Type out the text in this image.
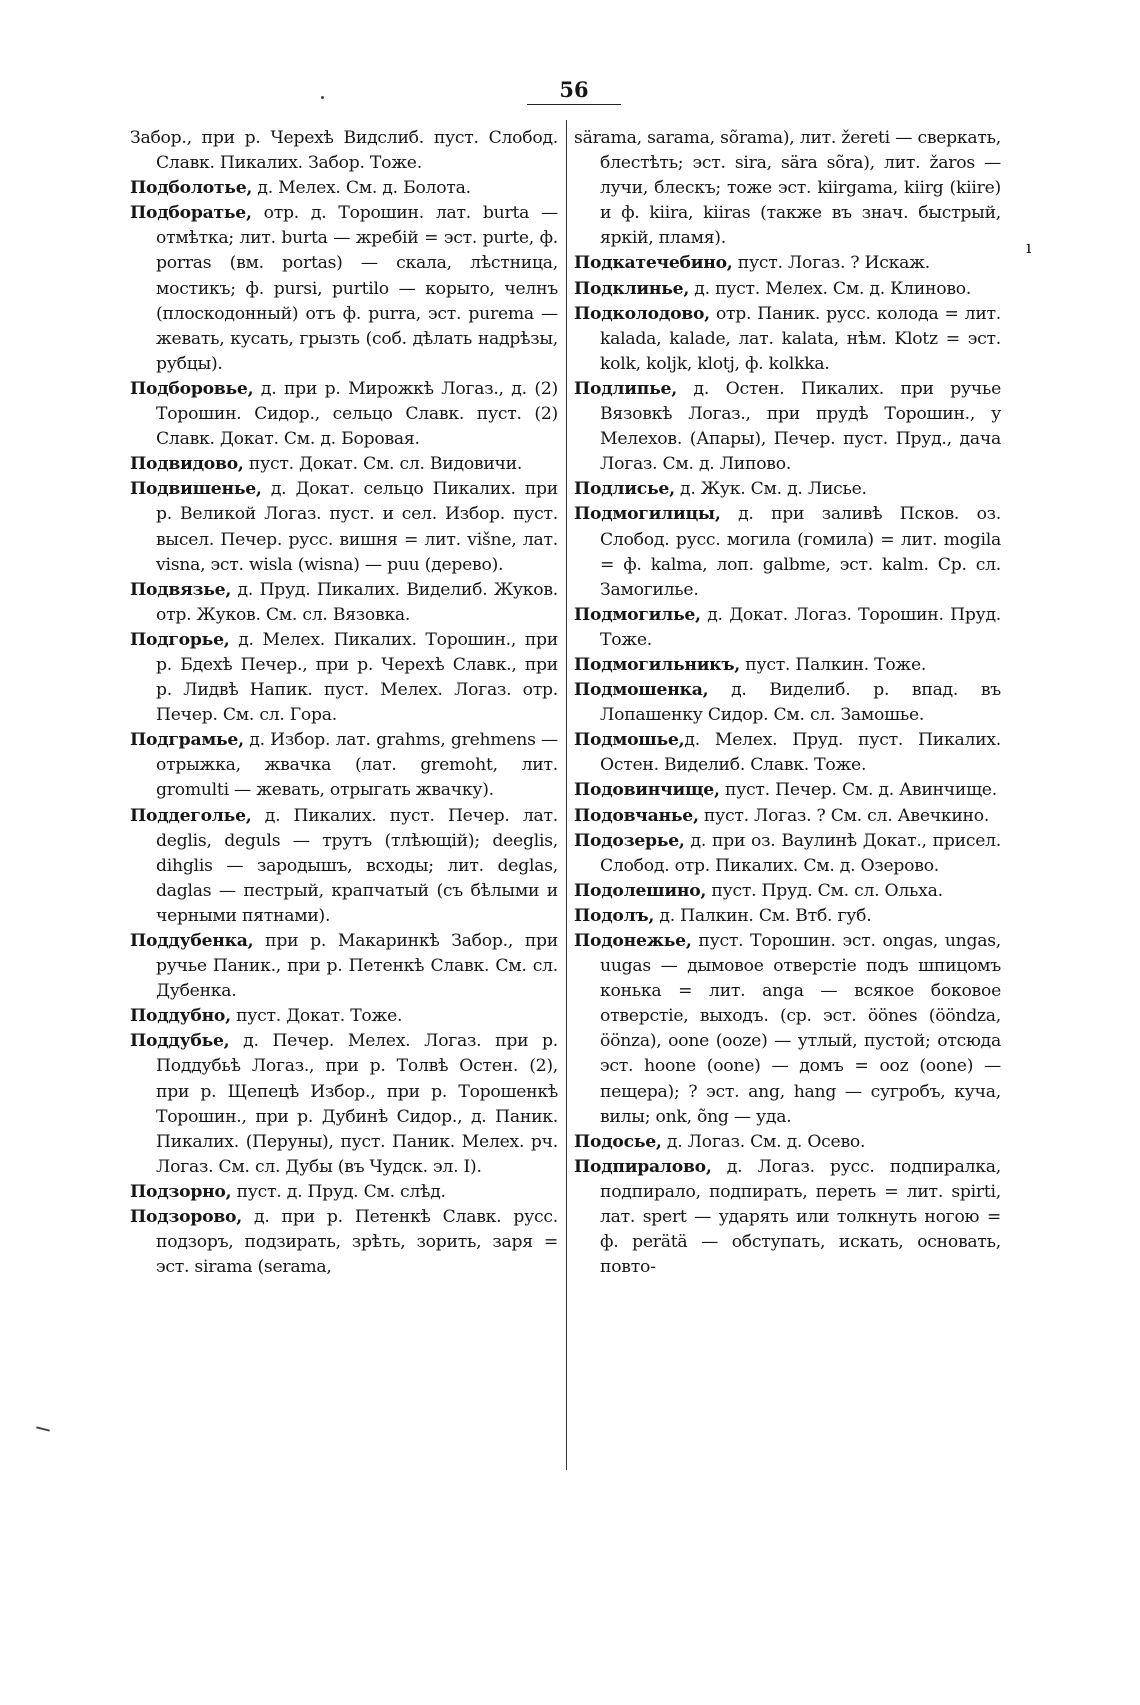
56

Забор., при р. Черехѣ Видслиб. пуст. Слобод. Славк. Пикалих. Забор. Тоже.

Подболотье, д. Мелех. См. д. Болота.

Подборатье, отр. д. Торошин. лат. burta — отмѣтка; лит. burta — жребій = эст. purte, ф. porras (вм. portas) — скала, лѣстница, мостикъ; ф. pursi, purtilo — корыто, челнъ (плоскодонный) отъ ф. purra, эст. purema — жевать, кусать, грызть (соб. дѣлать надрѣзы, рубцы).

Подборовье, д. при р. Мирожкѣ Логаз., д. (2) Торошин. Сидор., сельцо Славк. пуст. (2) Славк. Докат. См. д. Боровая.

Подвидово, пуст. Докат. См. сл. Видовичи.

Подвишенье, д. Докат. сельцо Пикалих. при р. Великой Логаз. пуст. и сел. Избор. пуст. высел. Печер. русс. вишня = лит. višne, лат. visna, эст. wisla (wisna) — puu (дерево).

Подвязье, д. Пруд. Пикалих. Виделиб. Жуков. отр. Жуков. См. сл. Вязовка.

Подгорье, д. Мелех. Пикалих. Торошин., при р. Бдехѣ Печер., при р. Черехѣ Славк., при р. Лидвѣ Напик. пуст. Мелех. Логаз. отр. Печер. См. сл. Гора.

Подграмье, д. Избор. лат. grahms, grehmens — отрыжка, жвачка (лат. gremoht, лит. gromulti — жевать, отрыгать жвачку).

Поддеголье, д. Пикалих. пуст. Печер. лат. deglis, deguls — трутъ (тлѣющій); deeglis, dihglis — зародышъ, всходы; лит. deglas, daglas — пестрый, крапчатый (съ бѣлыми и черными пятнами).

Поддубенка, при р. Макаринкѣ Забор., при ручье Паник., при р. Петенкѣ Славк. См. сл. Дубенка.

Поддубно, пуст. Докат. Тоже.

Поддубье, д. Печер. Мелех. Логаз. при р. Поддубьѣ Логаз., при р. Толвѣ Остен. (2), при р. Щепецѣ Избор., при р. Торошенкѣ Торошин., при р. Дубинѣ Сидор., д. Паник. Пикалих. (Перуны), пуст. Паник. Мелех. рч. Логаз. См. сл. Дубы (въ Чудск. эл. I).

Подзорно, пуст. д. Пруд. См. слѣд.

Подзорово, д. при р. Петенкѣ Славк. русс. подзоръ, подзирать, зрѣть, зорить, заря = эст. sirama (serama,

särama, sarama, sõrama), лит. žereti — сверкать, блестѣть; эст. sira, sära sõra), лит. žaros — лучи, блескъ; тоже эст. kiirgama, kiirg (kiire) и ф. kiira, kiiras (также въ знач. быстрый, яркій, пламя).

Подкатечебино, пуст. Логаз. ? Искаж.

Подклинье, д. пуст. Мелех. См. д. Клиново.

Подколодово, отр. Паник. русс. колода = лит. kalada, kalade, лат. kalata, нѣм. Klotz = эст. kolk, koljk, klotj, ф. kolkka.

Подлипье, д. Остен. Пикалих. при ручье Вязовкѣ Логаз., при прудѣ Торошин., у Мелехов. (Апары), Печер. пуст. Пруд., дача Логаз. См. д. Липово.

Подлисье, д. Жук. См. д. Лисье.

Подмогилицы, д. при заливѣ Псков. оз. Слобод. русс. могила (гомила) = лит. mogila = ф. kalma, лоп. galbme, эст. kalm. Ср. сл. Замогилье.

Подмогилье, д. Докат. Логаз. Торошин. Пруд. Тоже.

Подмогильникъ, пуст. Палкин. Тоже.

Подмошенка, д. Виделиб. р. впад. въ Лопашенку Сидор. См. сл. Замошье.

Подмошье,д. Мелех. Пруд. пуст. Пикалих. Остен. Виделиб. Славк. Тоже.

Подовинчище, пуст. Печер. См. д. Авинчище.

Подовчанье, пуст. Логаз. ? См. сл. Авечкино.

Подозерье, д. при оз. Ваулинѣ Докат., присел. Слобод. отр. Пикалих. См. д. Озерово.

Подолешино, пуст. Пруд. См. сл. Ольха.

Подолъ, д. Палкин. См. Втб. губ.

Подонежье, пуст. Торошин. эст. ongas, ungas, uugas — дымовое отверстіе подъ шпицомъ конька = лит. anga — всякое боковое отверстіе, выходъ. (ср. эст. öönes (ööndza, öönza), oone (ooze) — утлый, пустой; отсюда эст. hoone (oone) — домъ = ooz (oone) — пещера); ? эст. ang, hang — сугробъ, куча, вилы; onk, õng — уда.

Подосье, д. Логаз. См. д. Осево.

Подпиралово, д. Логаз. русс. подпиралка, подпирало, подпирать, переть = лит. spirti, лат. spert — ударять или толкнуть ногою = ф. perätä — обступать, искать, основать, повто-

ı
